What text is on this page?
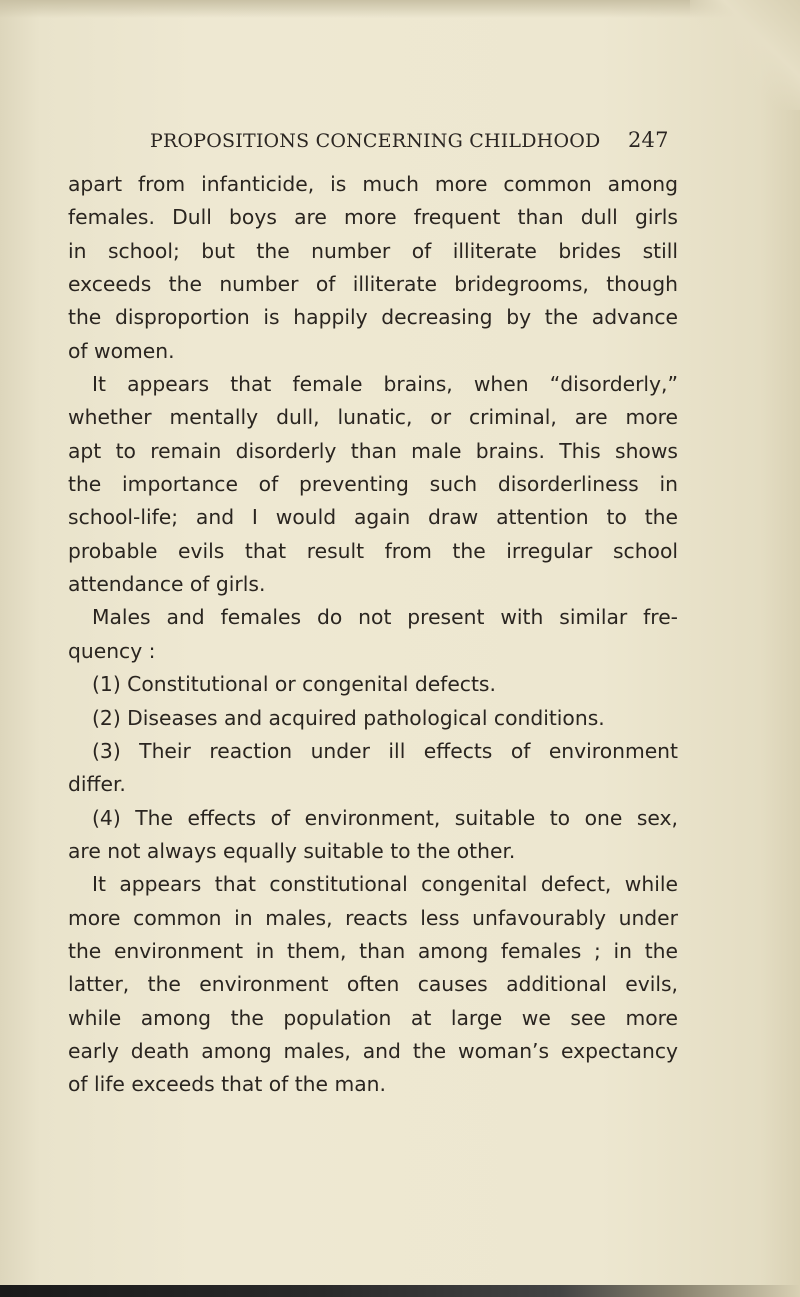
PROPOSITIONS CONCERNING CHILDHOOD 247
apart from infanticide, is much more common among
females. Dull boys are more frequent than dull girls
in school; but the number of illiterate brides still
exceeds the number of illiterate bridegrooms, though
the disproportion is happily decreasing by the advance
of women.
It appears that female brains, when “disorderly,”
whether mentally dull, lunatic, or criminal, are more
apt to remain disorderly than male brains. This shows
the importance of preventing such disorderliness in
school-life; and I would again draw attention to the
probable evils that result from the irregular school
attendance of girls.
Males and females do not present with similar fre-
quency :
(1) Constitutional or congenital defects.
(2) Diseases and acquired pathological conditions.
(3) Their reaction under ill effects of environment
differ.
(4) The effects of environment, suitable to one sex,
are not always equally suitable to the other.
It appears that constitutional congenital defect, while
more common in males, reacts less unfavourably under
the environment in them, than among females ; in the
latter, the environment often causes additional evils,
while among the population at large we see more
early death among males, and the woman’s expectancy
of life exceeds that of the man.
